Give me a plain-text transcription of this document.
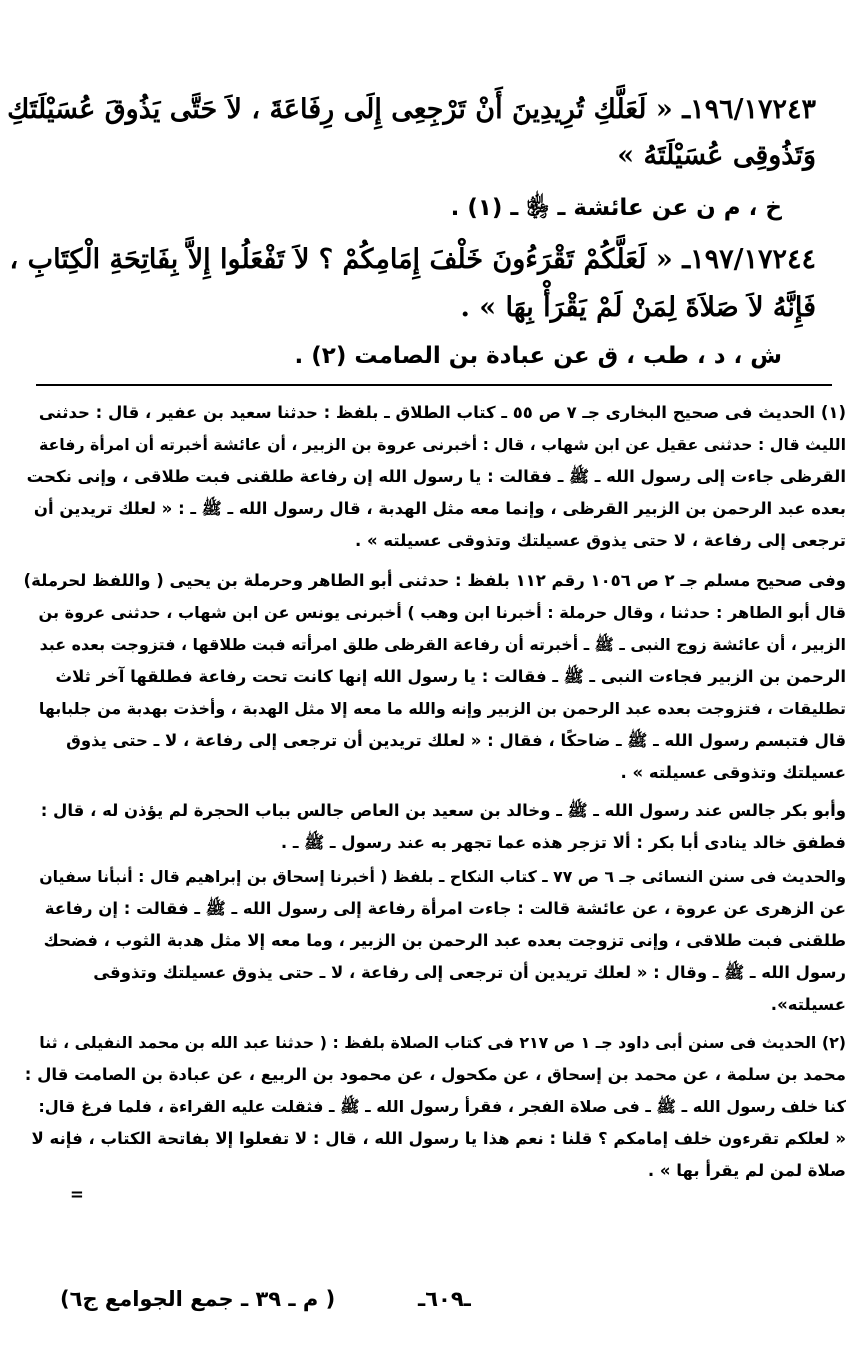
١٩٦/١٧٢٤٣ـ « لَعَلَّكِ تُرِيدِينَ أَنْ تَرْجِعِى إِلَى رِفَاعَةَ ، لاَ حَتَّى يَذُوقَ عُسَيْلَتَكِ
وَتَذُوقِى عُسَيْلَتَهُ »
خ ، م ن عن عائشة ـ ﵂ ـ (١) .
١٩٧/١٧٢٤٤ـ « لَعَلَّكُمْ تَقْرَءُونَ خَلْفَ إِمَامِكُمْ ؟ لاَ تَفْعَلُوا إِلاَّ بِفَاتِحَةِ الْكِتَابِ ،
فَإِنَّهُ لاَ صَلاَةَ لِمَنْ لَمْ يَقْرَأْ بِهَا » .
ش ، د ، طب ، ق عن عبادة بن الصامت (٢) .
(١) الحديث فى صحيح البخارى جـ ٧ ص ٥٥ ـ كتاب الطلاق ـ بلفظ : حدثنا سعيد بن عفير ، قال : حدثنى
الليث قال : حدثنى عقيل عن ابن شهاب ، قال : أخبرنى عروة بن الزبير ، أن عائشة أخبرته أن امرأة رفاعة
القرظى جاءت إلى رسول الله ـ ﷺ ـ فقالت : يا رسول الله إن رفاعة طلقنى فبت طلاقى ، وإنى نكحت
بعده عبد الرحمن بن الزبير القرظى ، وإنما معه مثل الهدبة ، قال رسول الله ـ ﷺ ـ : « لعلك تريدين أن
ترجعى إلى رفاعة ، لا حتى يذوق عسيلتك وتذوقى عسيلته » .
وفى صحيح مسلم جـ ٢ ص ١٠٥٦ رقم ١١٢ بلفظ : حدثنى أبو الطاهر وحرملة بن يحيى ( واللفظ لحرملة)
قال أبو الطاهر : حدثنا ، وقال حرملة : أخبرنا ابن وهب ) أخبرنى يونس عن ابن شهاب ، حدثنى عروة بن
الزبير ، أن عائشة زوج النبى ـ ﷺ ـ أخبرته أن رفاعة القرظى طلق امرأته فبت طلاقها ، فتزوجت بعده عبد
الرحمن بن الزبير فجاءت النبى ـ ﷺ ـ فقالت : يا رسول الله إنها كانت تحت رفاعة فطلقها آخر ثلاث
تطليقات ، فتزوجت بعده عبد الرحمن بن الزبير وإنه والله ما معه إلا مثل الهدبة ، وأخذت بهدبة من جلبابها
قال فتبسم رسول الله ـ ﷺ ـ ضاحكًا ، فقال : « لعلك تريدين أن ترجعى إلى رفاعة ، لا ـ حتى يذوق
عسيلتك وتذوقى عسيلته » .
وأبو بكر جالس عند رسول الله ـ ﷺ ـ وخالد بن سعيد بن العاص جالس بباب الحجرة لم يؤذن له ، قال :
فطفق خالد ينادى أبا بكر : ألا تزجر هذه عما تجهر به عند رسول ـ ﷺ ـ .
والحديث فى سنن النسائى جـ ٦ ص ٧٧ ـ كتاب النكاح ـ بلفظ ( أخبرنا إسحاق بن إبراهيم قال : أنبأنا سفيان
عن الزهرى عن عروة ، عن عائشة قالت : جاءت امرأة رفاعة إلى رسول الله ـ ﷺ ـ فقالت : إن رفاعة
طلقنى فبت طلاقى ، وإنى تزوجت بعده عبد الرحمن بن الزبير ، وما معه إلا مثل هدبة الثوب ، فضحك
رسول الله ـ ﷺ ـ وقال : « لعلك تريدين أن ترجعى إلى رفاعة ، لا ـ حتى يذوق عسيلتك وتذوقى
عسيلته».
(٢) الحديث فى سنن أبى داود جـ ١ ص ٢١٧ فى كتاب الصلاة بلفظ : ( حدثنا عبد الله بن محمد النفيلى ، ثنا
محمد بن سلمة ، عن محمد بن إسحاق ، عن مكحول ، عن محمود بن الربيع ، عن عبادة بن الصامت قال :
كنا خلف رسول الله ـ ﷺ ـ فى صلاة الفجر ، فقرأ رسول الله ـ ﷺ ـ فثقلت عليه القراءة ، فلما فرغ قال:
« لعلكم تقرءون خلف إمامكم ؟ قلنا : نعم هذا يا رسول الله ، قال : لا تفعلوا إلا بفاتحة الكتاب ، فإنه لا
صلاة لمن لم يقرأ بها » .
=
ـ٦٠٩ـ
( م ـ ٣٩ ـ جمع الجوامع ج٦)
